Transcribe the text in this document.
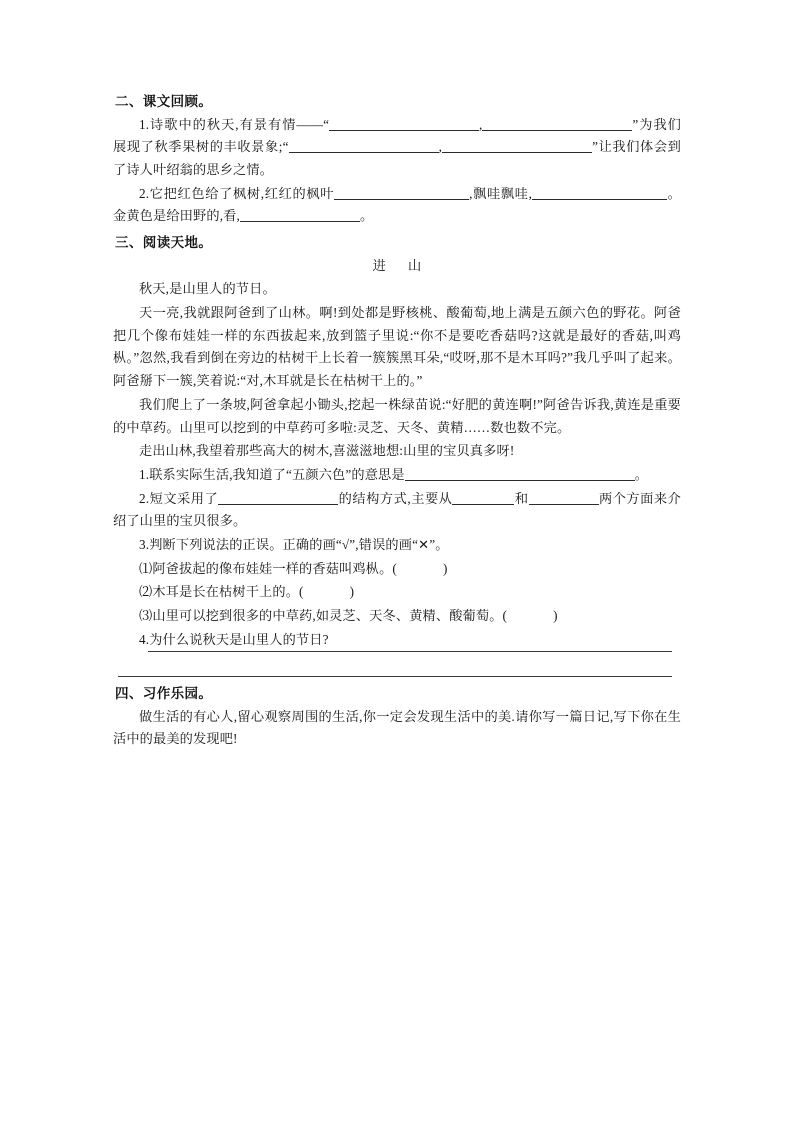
二、课文回顾。

1.诗歌中的秋天,有景有情——“	,	”为我们展现了秋季果树的丰收景象;“	,	”让我们体会到了诗人叶绍翁的思乡之情。

2.它把红色给了枫树,红红的枫叶	,飘哇飘哇,	。金黄色是给田野的,看,	。

三、阅读天地。

进 山

秋天,是山里人的节日。

天一亮,我就跟阿爸到了山林。啊!到处都是野核桃、酸葡萄,地上满是五颜六色的野花。阿爸把几个像布娃娃一样的东西拔起来,放到篮子里说:“你不是要吃香菇吗?这就是最好的香菇,叫鸡枞。”忽然,我看到倒在旁边的枯树干上长着一簇簇黑耳朵,“哎呀,那不是木耳吗?”我几乎叫了起来。阿爸掰下一簇,笑着说:“对,木耳就是长在枯树干上的。”

我们爬上了一条坡,阿爸拿起小锄头,挖起一株绿苗说:“好肥的黄连啊!”阿爸告诉我,黄连是重要的中草药。山里可以挖到的中草药可多啦:灵芝、天冬、黄精……数也数不完。

走出山林,我望着那些高大的树木,喜滋滋地想:山里的宝贝真多呀!

1.联系实际生活,我知道了“五颜六色”的意思是	。

2.短文采用了	的结构方式,主要从	和	两个方面来介绍了山里的宝贝很多。

3.判断下列说法的正误。正确的画“√”,错误的画“✕”。

⑴阿爸拔起的像布娃娃一样的香菇叫鸡枞。(	)

⑵木耳是长在枯树干上的。(	)

⑶山里可以挖到很多的中草药,如灵芝、天冬、黄精、酸葡萄。(	)

4.为什么说秋天是山里人的节日?

四、习作乐园。

做生活的有心人,留心观察周围的生活,你一定会发现生活中的美.请你写一篇日记,写下你在生活中的最美的发现吧!
